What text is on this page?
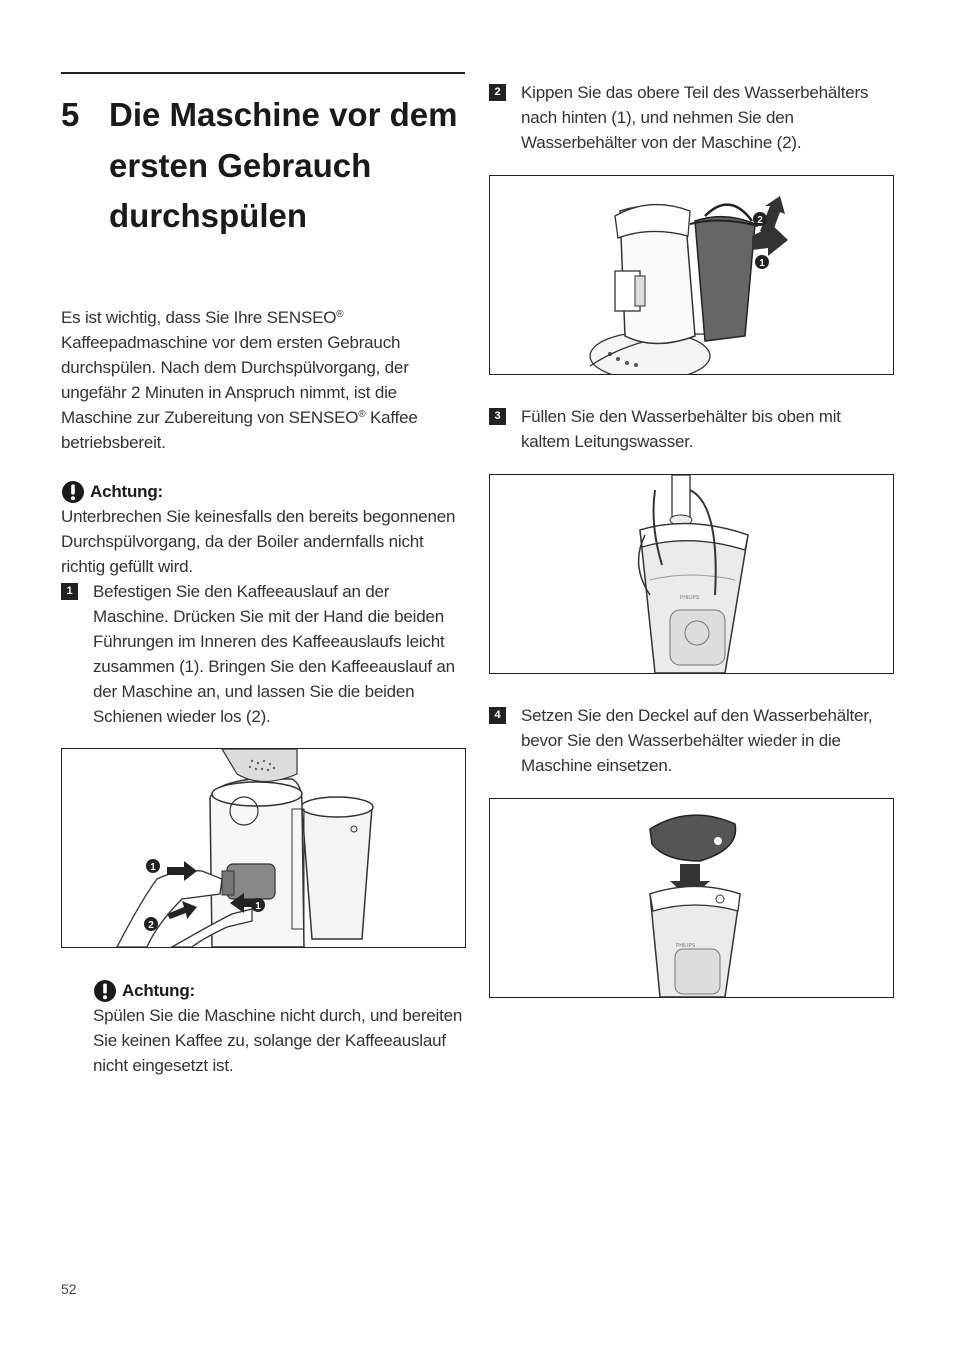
5 Die Maschine vor dem ersten Gebrauch durchspülen
Es ist wichtig, dass Sie Ihre SENSEO® Kaffeepadmaschine vor dem ersten Gebrauch durchspülen. Nach dem Durchspülvorgang, der ungefähr 2 Minuten in Anspruch nimmt, ist die Maschine zur Zubereitung von SENSEO® Kaffee betriebsbereit.
Achtung:
Unterbrechen Sie keinesfalls den bereits begonnenen Durchspülvorgang, da der Boiler andernfalls nicht richtig gefüllt wird.
1	Befestigen Sie den Kaffeeauslauf an der Maschine. Drücken Sie mit der Hand die beiden Führungen im Inneren des Kaffeeauslaufs leicht zusammen (1). Bringen Sie den Kaffeeauslauf an der Maschine an, und lassen Sie die beiden Schienen wieder los (2).
1
2
1
Achtung:
Spülen Sie die Maschine nicht durch, und bereiten Sie keinen Kaffee zu, solange der Kaffeeauslauf nicht eingesetzt ist.
2	Kippen Sie das obere Teil des Wasserbehälters nach hinten (1), und nehmen Sie den Wasserbehälter von der Maschine (2).
2
1
3	Füllen Sie den Wasserbehälter bis oben mit kaltem Leitungswasser.
PHILIPS
4	Setzen Sie den Deckel auf den Wasserbehälter, bevor Sie den Wasserbehälter wieder in die Maschine einsetzen.
PHILIPS
52
